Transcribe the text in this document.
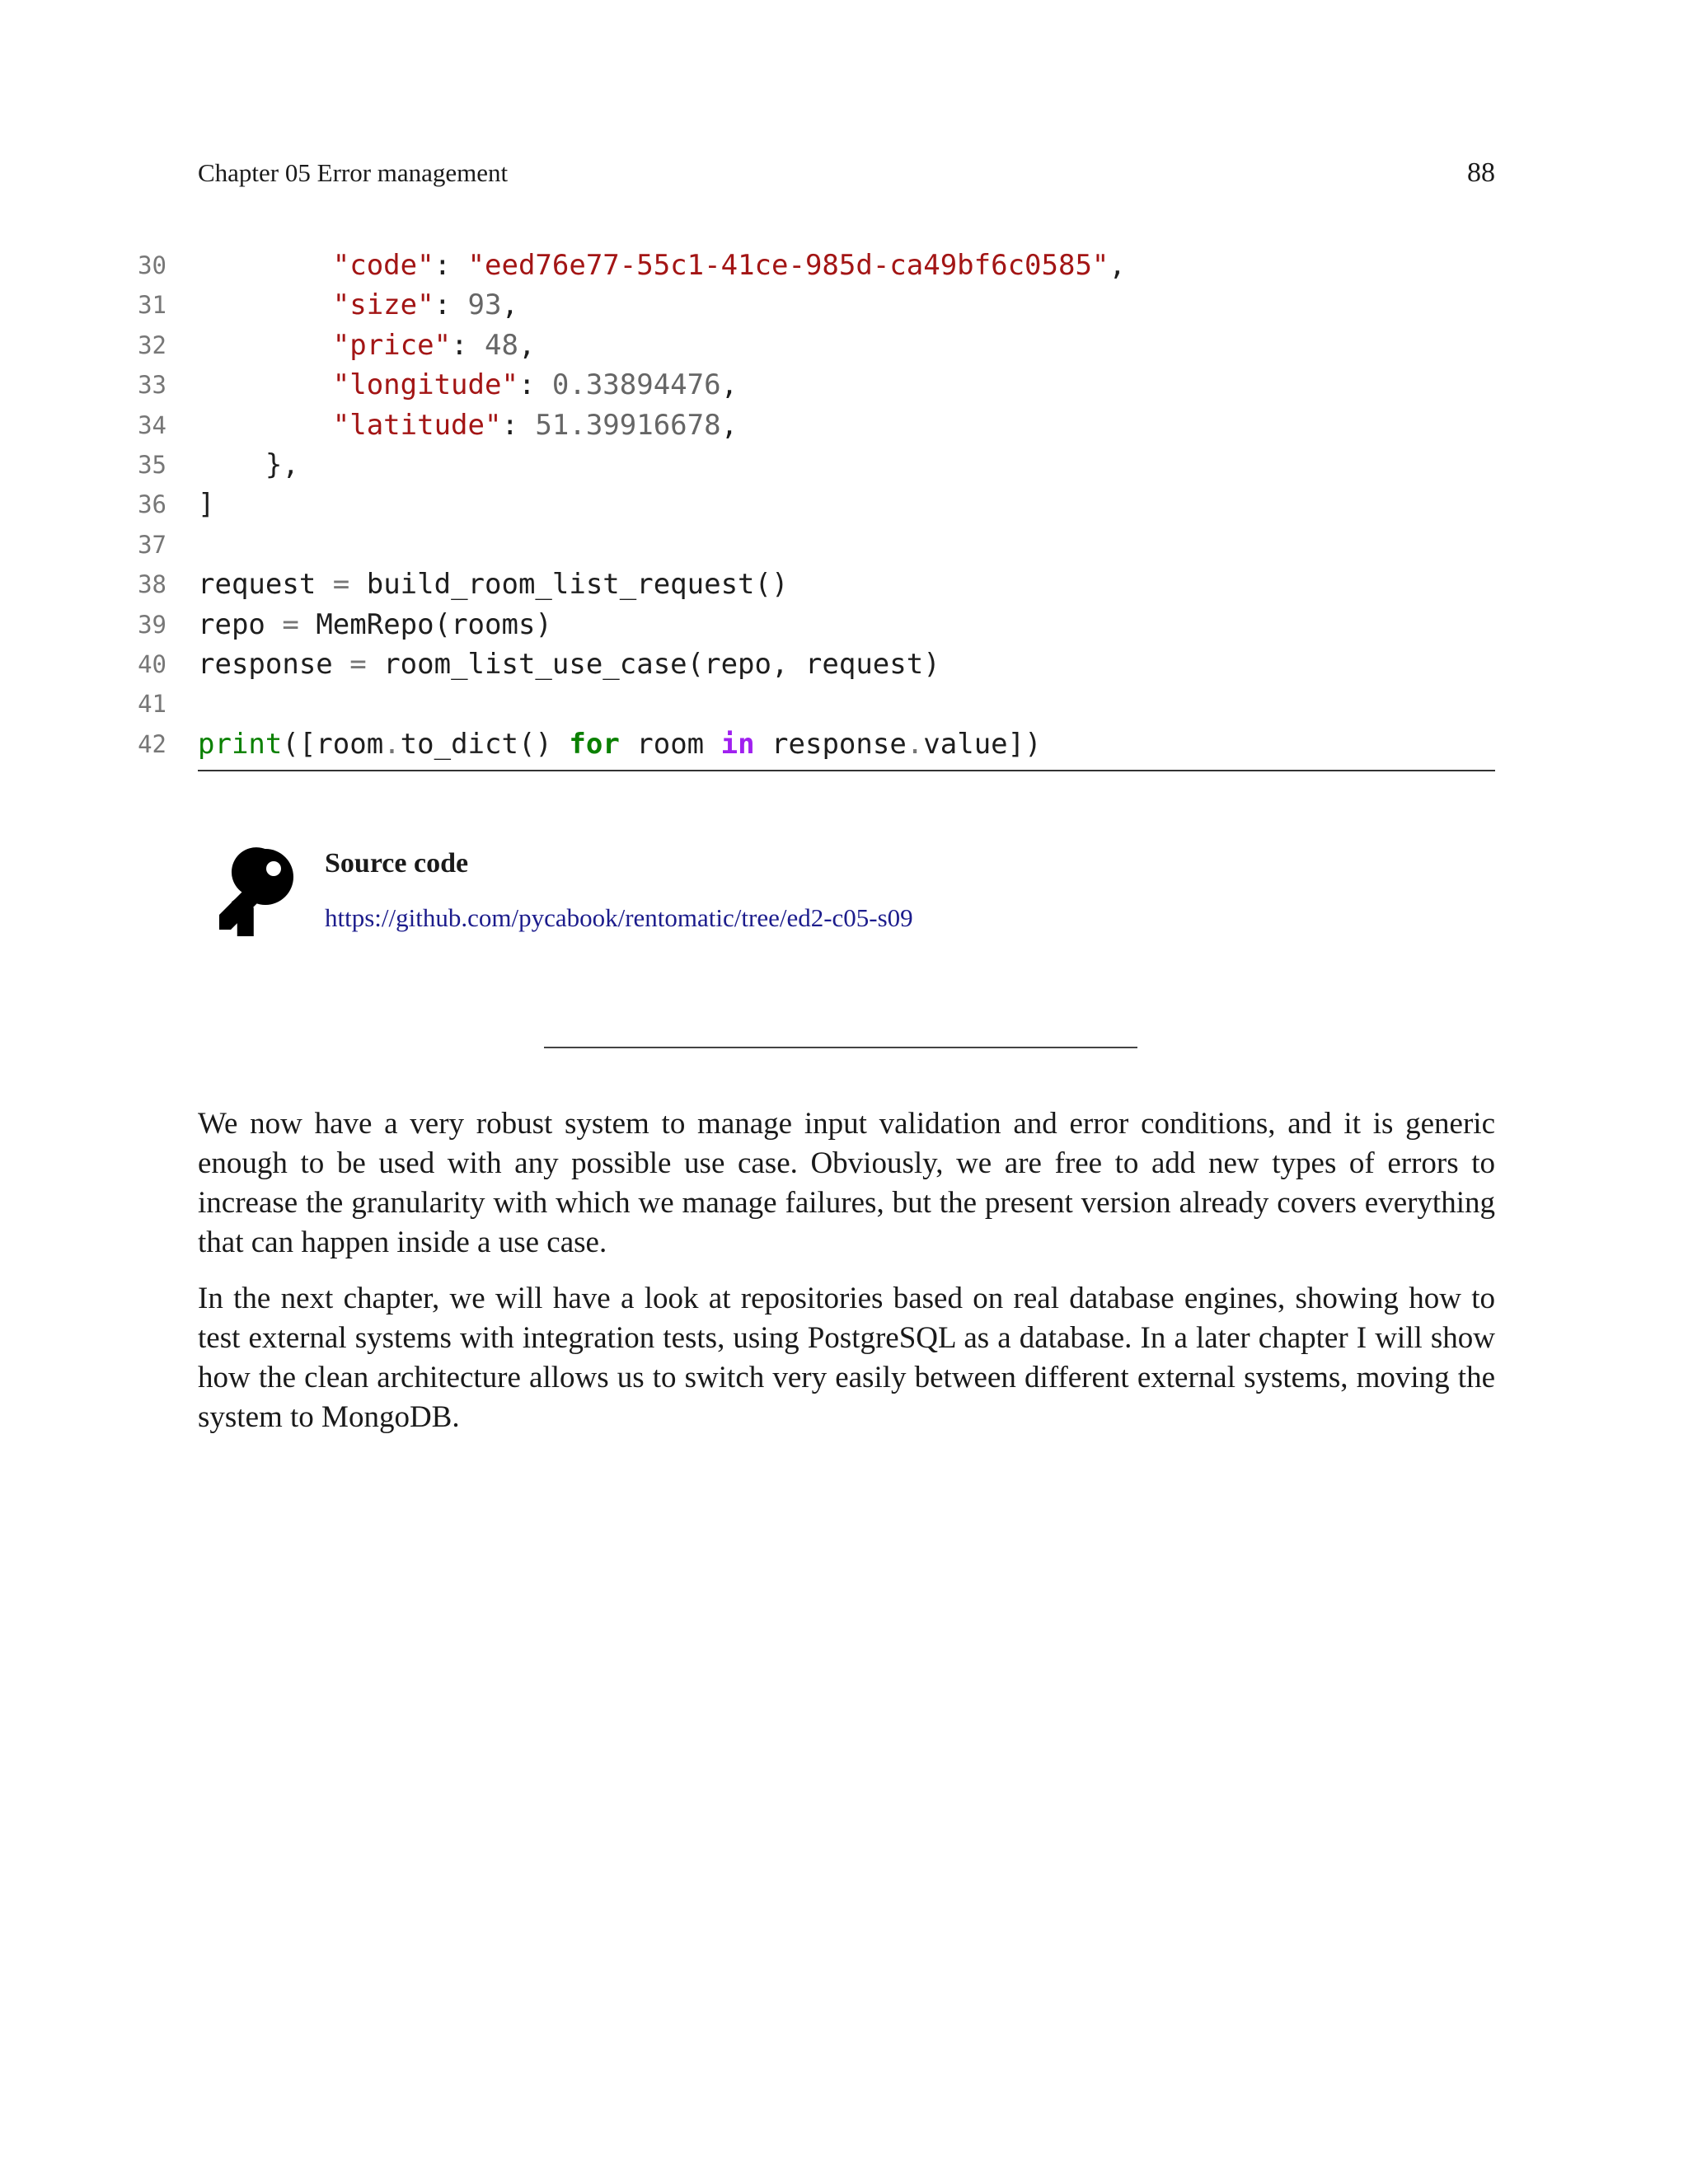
Chapter 05 Error management	88
30	"code": "eed76e77-55c1-41ce-985d-ca49bf6c0585",
31	"size": 93,
32	"price": 48,
33	"longitude": 0.33894476,
34	"latitude": 51.39916678,
35 },
36 ]
37
38 request = build_room_list_request()
39 repo = MemRepo(rooms)
40 response = room_list_use_case(repo, request)
41
42 print([room.to_dict() for room in response.value])
Source code
https://github.com/pycabook/rentomatic/tree/ed2-c05-s09

We now have a very robust system to manage input validation and error conditions, and it is generic enough to be used with any possible use case. Obviously, we are free to add new types of errors to increase the granularity with which we manage failures, but the present version already covers everything that can happen inside a use case.

In the next chapter, we will have a look at repositories based on real database engines, showing how to test external systems with integration tests, using PostgreSQL as a database. In a later chapter I will show how the clean architecture allows us to switch very easily between different external systems, moving the system to MongoDB.
